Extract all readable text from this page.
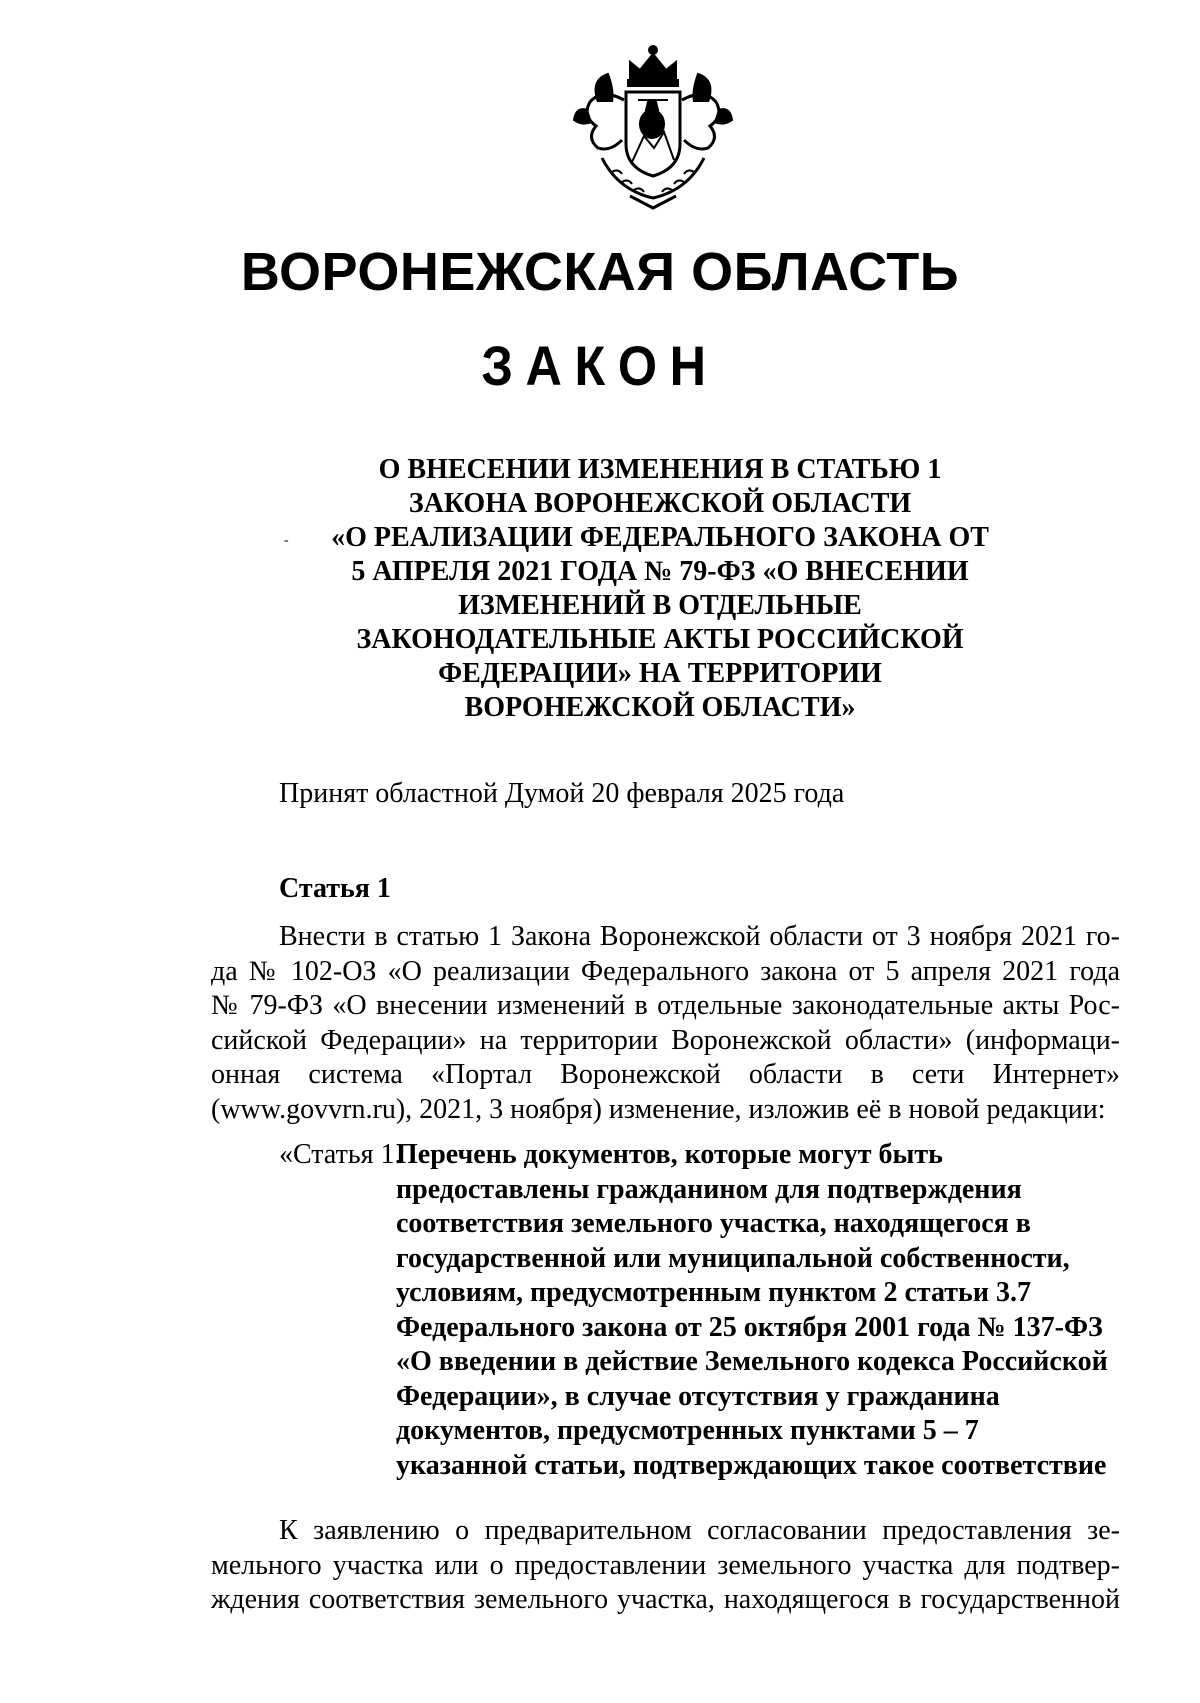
ВОРОНЕЖСКАЯ ОБЛАСТЬ
ЗАКОН
О ВНЕСЕНИИ ИЗМЕНЕНИЯ В СТАТЬЮ 1
ЗАКОНА ВОРОНЕЖСКОЙ ОБЛАСТИ
«О РЕАЛИЗАЦИИ ФЕДЕРАЛЬНОГО ЗАКОНА ОТ
5 АПРЕЛЯ 2021 ГОДА № 79-ФЗ «О ВНЕСЕНИИ
ИЗМЕНЕНИЙ В ОТДЕЛЬНЫЕ
ЗАКОНОДАТЕЛЬНЫЕ АКТЫ РОССИЙСКОЙ
ФЕДЕРАЦИИ» НА ТЕРРИТОРИИ
ВОРОНЕЖСКОЙ ОБЛАСТИ»
-
Принят областной Думой 20 февраля 2025 года
Статья 1
Внести в статью 1 Закона Воронежской области от 3 ноября 2021 го-
да № 102-ОЗ «О реализации Федерального закона от 5 апреля 2021 года
№ 79-ФЗ «О внесении изменений в отдельные законодательные акты Рос-
сийской Федерации» на территории Воронежской области» (информаци-
онная система «Портал Воронежской области в сети Интернет»
(www.govvrn.ru), 2021, 3 ноября) изменение, изложив её в новой редакции:
«Статья 1.
Перечень документов, которые могут быть
предоставлены гражданином для подтверждения
соответствия земельного участка, находящегося в
государственной или муниципальной собственности,
условиям, предусмотренным пунктом 2 статьи 3.7
Федерального закона от 25 октября 2001 года № 137-ФЗ
«О введении в действие Земельного кодекса Российской
Федерации», в случае отсутствия у гражданина
документов, предусмотренных пунктами 5 – 7
указанной статьи, подтверждающих такое соответствие
К заявлению о предварительном согласовании предоставления зе-
мельного участка или о предоставлении земельного участка для подтвер-
ждения соответствия земельного участка, находящегося в государственной
